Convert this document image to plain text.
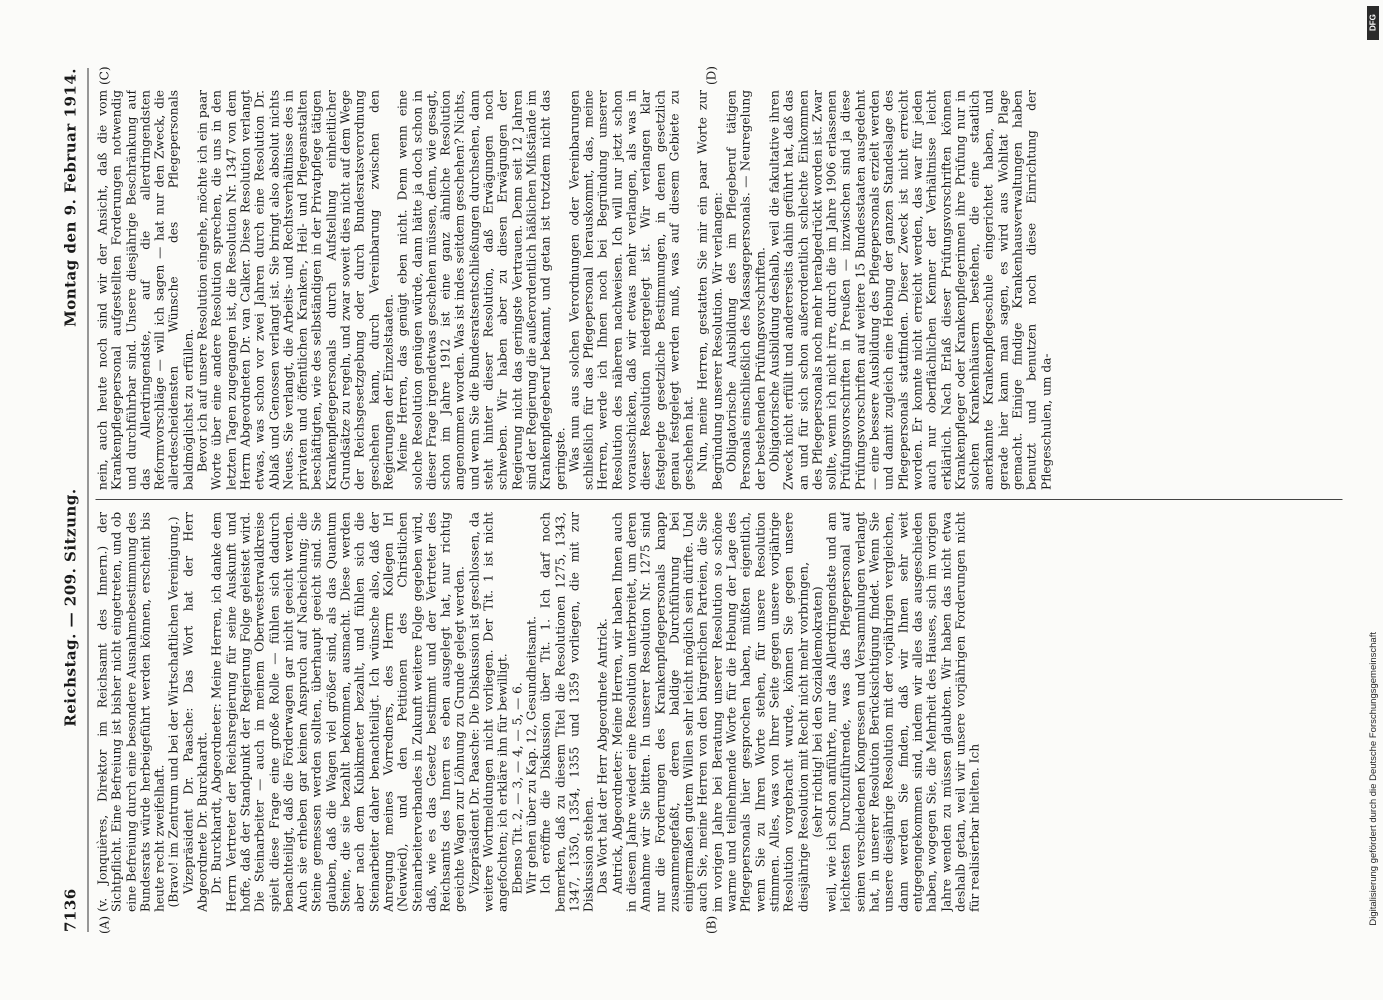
7136
Reichstag. — 209. Sitzung.
Montag den 9. Februar 1914.
(A)	(B)
(C)	(D)

(v. Jonquières, Direktor im Reichsamt des Innern.) der Sichtpflicht. Eine Befreiung ist bisher nicht eingetreten, und ob eine Befreiung durch eine besondere Ausnahmebestimmung des Bundesrats würde herbeigeführt werden können, erscheint bis heute recht zweifelhaft. (Bravo! im Zentrum und bei der Wirtschaftlichen Vereinigung.) Vizepräsident Dr. Paasche: Das Wort hat der Herr Abgeordnete Dr. Burckhardt. Dr. Burckhardt, Abgeordneter: Meine Herren, ich danke dem Herrn Vertreter der Reichsregierung für seine Auskunft und hoffe, daß der Standpunkt der Regierung Folge geleistet wird. Die Steinarbeiter — auch in meinem Oberwesterwaldkreise spielt diese Frage eine große Rolle — fühlen sich dadurch benachteiligt, daß die Förderwagen gar nicht geeicht werden. Auch sie erheben gar keinen Anspruch auf Nacheichung; die Steine gemessen werden sollten, überhaupt geeicht sind. Sie glauben, daß die Wagen viel größer sind, als das Quantum Steine, die sie bezahlt bekommen, ausmacht. Diese werden aber nach dem Kubikmeter bezahlt, und fühlen sich die Steinarbeiter daher benachteiligt. Ich wünsche also, daß der Anregung meines Vorredners, des Herrn Kollegen Irl (Neuwied), und den Petitionen des Christlichen Steinarbeiterverbandes in Zukunft weitere Folge gegeben wird, daß, wie es das Gesetz bestimmt und der Vertreter des Reichsamts des Innern es eben ausgelegt hat, nur richtig geeichte Wagen zur Löhnung zu Grunde gelegt werden. Vizepräsident Dr. Paasche: Die Diskussion ist geschlossen, da weitere Wortmeldungen nicht vorliegen. Der Tit. 1 ist nicht angefochten; ich erkläre ihn für bewilligt. Ebenso Tit. 2, — 3, — 4, — 5, — 6. Wir gehen über zu Kap. 12, Gesundheitsamt. Ich eröffne die Diskussion über Tit. 1. Ich darf noch bemerken, daß zu diesem Titel die Resolutionen 1275, 1343, 1347, 1350, 1354, 1355 und 1359 vorliegen, die mit zur Diskussion stehen. Das Wort hat der Herr Abgeordnete Antrick. Antrick, Abgeordneter: Meine Herren, wir haben Ihnen auch in diesem Jahre wieder eine Resolution unterbreitet, um deren Annahme wir Sie bitten. In unserer Resolution Nr. 1275 sind nur die Forderungen des Krankenpflegepersonals knapp zusammengefaßt, deren baldige Durchführung bei einigermaßen gutem Willen sehr leicht möglich sein dürfte. Und auch Sie, meine Herren von den bürgerlichen Parteien, die Sie im vorigen Jahre bei Beratung unserer Resolution so schöne warme und teilnehmende Worte für die Hebung der Lage des Pflegepersonals hier gesprochen haben, müßten eigentlich, wenn Sie zu Ihren Worte stehen, für unsere Resolution stimmen. Alles, was von Ihrer Seite gegen unsere vorjährige Resolution vorgebracht wurde, können Sie gegen unsere diesjährige Resolution mit Recht nicht mehr vorbringen, (sehr richtig! bei den Sozialdemokraten) weil, wie ich schon anführte, nur das Allerdringendste und am leichtesten Durchzuführende, was das Pflegepersonal auf seinen verschiedenen Kongressen und Versammlungen verlangt hat, in unserer Resolution Berücksichtigung findet. Wenn Sie unsere diesjährige Resolution mit der vorjährigen vergleichen, dann werden Sie finden, daß wir Ihnen sehr weit entgegengekommen sind, indem wir alles das ausgeschieden haben, wogegen Sie, die Mehrheit des Hauses, sich im vorigen Jahre wenden zu müssen glaubten. Wir haben das nicht etwa deshalb getan, weil wir unsere vorjährigen Forderungen nicht für realisierbar hielten. Ich

nein, auch heute noch sind wir der Ansicht, daß die vom Krankenpflegepersonal aufgestellten Forderungen notwendig und durchführbar sind. Unsere diesjährige Beschränkung auf das Allerdringendste, auf die allerdringendsten Reformvorschläge — will ich sagen — hat nur den Zweck, die allerdescheidensten Wünsche des Pflegepersonals baldmöglichst zu erfüllen. Bevor ich auf unsere Resolution eingehe, möchte ich ein paar Worte über eine andere Resolution sprechen, die uns in den letzten Tagen zugegangen ist, die Resolution Nr. 1347 von dem Herrn Abgeordneten Dr. van Calker. Diese Resolution verlangt etwas, was schon vor zwei Jahren durch eine Resolution Dr. Ablaß und Genossen verlangt ist. Sie bringt also absolut nichts Neues. Sie verlangt, die Arbeits- und Rechtsverhältnisse des in privaten und öffentlichen Kranken-, Heil- und Pflegeanstalten beschäftigten, wie des selbständigen in der Privatpflege tätigen Krankenpflegepersonals durch Aufstellung einheitlicher Grundsätze zu regeln, und zwar soweit dies nicht auf dem Wege der Reichsgesetzgebung oder durch Bundesratsverordnung geschehen kann, durch Vereinbarung zwischen den Regierungen der Einzelstaaten. Meine Herren, das genügt eben nicht. Denn wenn eine solche Resolution genügen würde, dann hätte ja doch schon in dieser Frage irgendetwas geschehen müssen, denn, wie gesagt, schon im Jahre 1912 ist eine ganz ähnliche Resolution angenommen worden. Was ist indes seitdem geschehen? Nichts, und wenn Sie die Bundesratsentschließungen durchsehen, dann steht hinter dieser Resolution, daß Erwägungen noch schweben. Wir haben aber zu diesen Erwägungen der Regierung nicht das geringste Vertrauen. Denn seit 12 Jahren sind der Regierung die außerordentlich häßlichen Mißstände im Krankenpflegeberuf bekannt, und getan ist trotzdem nicht das geringste. Was nun aus solchen Verordnungen oder Vereinbarungen schließlich für das Pflegepersonal herauskommt, das, meine Herren, werde ich Ihnen noch bei Begründung unserer Resolution des näheren nachweisen. Ich will nur jetzt schon vorausschicken, daß wir etwas mehr verlangen, als was in dieser Resolution niedergelegt ist. Wir verlangen klar festgelegte gesetzliche Bestimmungen, in denen gesetzlich genau festgelegt werden muß, was auf diesem Gebiete zu geschehen hat. Nun, meine Herren, gestatten Sie mir ein paar Worte zur Begründung unserer Resolution. Wir verlangen: Obligatorische Ausbildung des im Pflegeberuf tätigen Personals einschließlich des Massagepersonals. — Neuregelung der bestehenden Prüfungsvorschriften. Obligatorische Ausbildung deshalb, weil die fakultative ihren Zweck nicht erfüllt und andererseits dahin geführt hat, daß das an und für sich schon außerordentlich schlechte Einkommen des Pflegepersonals noch mehr herabgedrückt worden ist. Zwar sollte, wenn ich nicht irre, durch die im Jahre 1906 erlassenen Prüfungsvorschriften in Preußen — inzwischen sind ja diese Prüfungsvorschriften auf weitere 15 Bundesstaaten ausgedehnt — eine bessere Ausbildung des Pflegepersonals erzielt werden und damit zugleich eine Hebung der ganzen Standeslage des Pflegepersonals stattfinden. Dieser Zweck ist nicht erreicht worden. Er konnte nicht erreicht werden, das war für jeden auch nur oberflächlichen Kenner der Verhältnisse leicht erklärlich. Nach Erlaß dieser Prüfungsvorschriften können Krankenpfleger oder Krankenpflegerinnen ihre Prüfung nur in solchen Krankenhäusern bestehen, die eine staatlich anerkannte Krankenpflegeschule eingerichtet haben, und gerade hier kann man sagen, es wird aus Wohltat Plage gemacht. Einige findige Krankenhausverwaltungen haben benutzt und benutzen noch diese Einrichtung der Pflegeschulen, um da-

DFG
Digitalisierung gefördert durch die Deutsche Forschungsgemeinschaft
